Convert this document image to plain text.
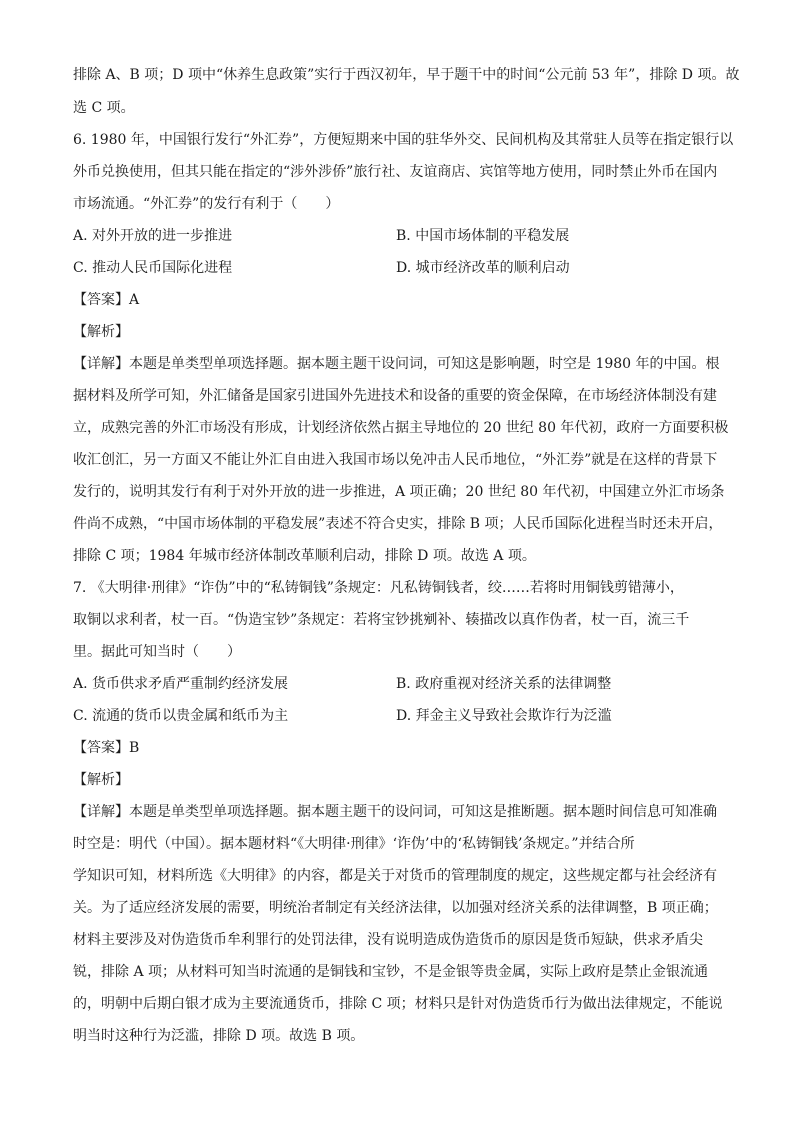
排除 A、B 项；D 项中“休养生息政策”实行于西汉初年，早于题干中的时间“公元前 53 年”，排除 D 项。故
选 C 项。
6. 1980 年，中国银行发行“外汇券”，方便短期来中国的驻华外交、民间机构及其常驻人员等在指定银行以
外币兑换使用，但其只能在指定的“涉外涉侨”旅行社、友谊商店、宾馆等地方使用，同时禁止外币在国内
市场流通。“外汇券”的发行有利于（　　）
A. 对外开放的进一步推进	B. 中国市场体制的平稳发展
C. 推动人民币国际化进程	D. 城市经济改革的顺利启动
【答案】A
【解析】
【详解】本题是单类型单项选择题。据本题主题干设问词，可知这是影响题，时空是 1980 年的中国。根
据材料及所学可知，外汇储备是国家引进国外先进技术和设备的重要的资金保障，在市场经济体制没有建
立，成熟完善的外汇市场没有形成，计划经济依然占据主导地位的 20 世纪 80 年代初，政府一方面要积极
收汇创汇，另一方面又不能让外汇自由进入我国市场以免冲击人民币地位，“外汇券”就是在这样的背景下
发行的，说明其发行有利于对外开放的进一步推进，A 项正确；20 世纪 80 年代初，中国建立外汇市场条
件尚不成熟，“中国市场体制的平稳发展”表述不符合史实，排除 B 项；人民币国际化进程当时还未开启，
排除 C 项；1984 年城市经济体制改革顺利启动，排除 D 项。故选 A 项。
7. 《大明律·刑律》“诈伪”中的“私铸铜钱”条规定：凡私铸铜钱者，绞……若将时用铜钱剪错薄小，
取铜以求利者，杖一百。“伪造宝钞”条规定：若将宝钞挑剜补、辏描改以真作伪者，杖一百，流三千
里。据此可知当时（　　）
A. 货币供求矛盾严重制约经济发展	B. 政府重视对经济关系的法律调整
C. 流通的货币以贵金属和纸币为主	D. 拜金主义导致社会欺诈行为泛滥
【答案】B
【解析】
【详解】本题是单类型单项选择题。据本题主题干的设问词，可知这是推断题。据本题时间信息可知准确
时空是：明代（中国）。据本题材料“《大明律·刑律》‘诈伪’中的‘私铸铜钱’条规定。”并结合所
学知识可知，材料所选《大明律》的内容，都是关于对货币的管理制度的规定，这些规定都与社会经济有
关。为了适应经济发展的需要，明统治者制定有关经济法律，以加强对经济关系的法律调整，B 项正确；
材料主要涉及对伪造货币牟利罪行的处罚法律，没有说明造成伪造货币的原因是货币短缺，供求矛盾尖
锐，排除 A 项；从材料可知当时流通的是铜钱和宝钞，不是金银等贵金属，实际上政府是禁止金银流通
的，明朝中后期白银才成为主要流通货币，排除 C 项；材料只是针对伪造货币行为做出法律规定，不能说
明当时这种行为泛滥，排除 D 项。故选 B 项。
